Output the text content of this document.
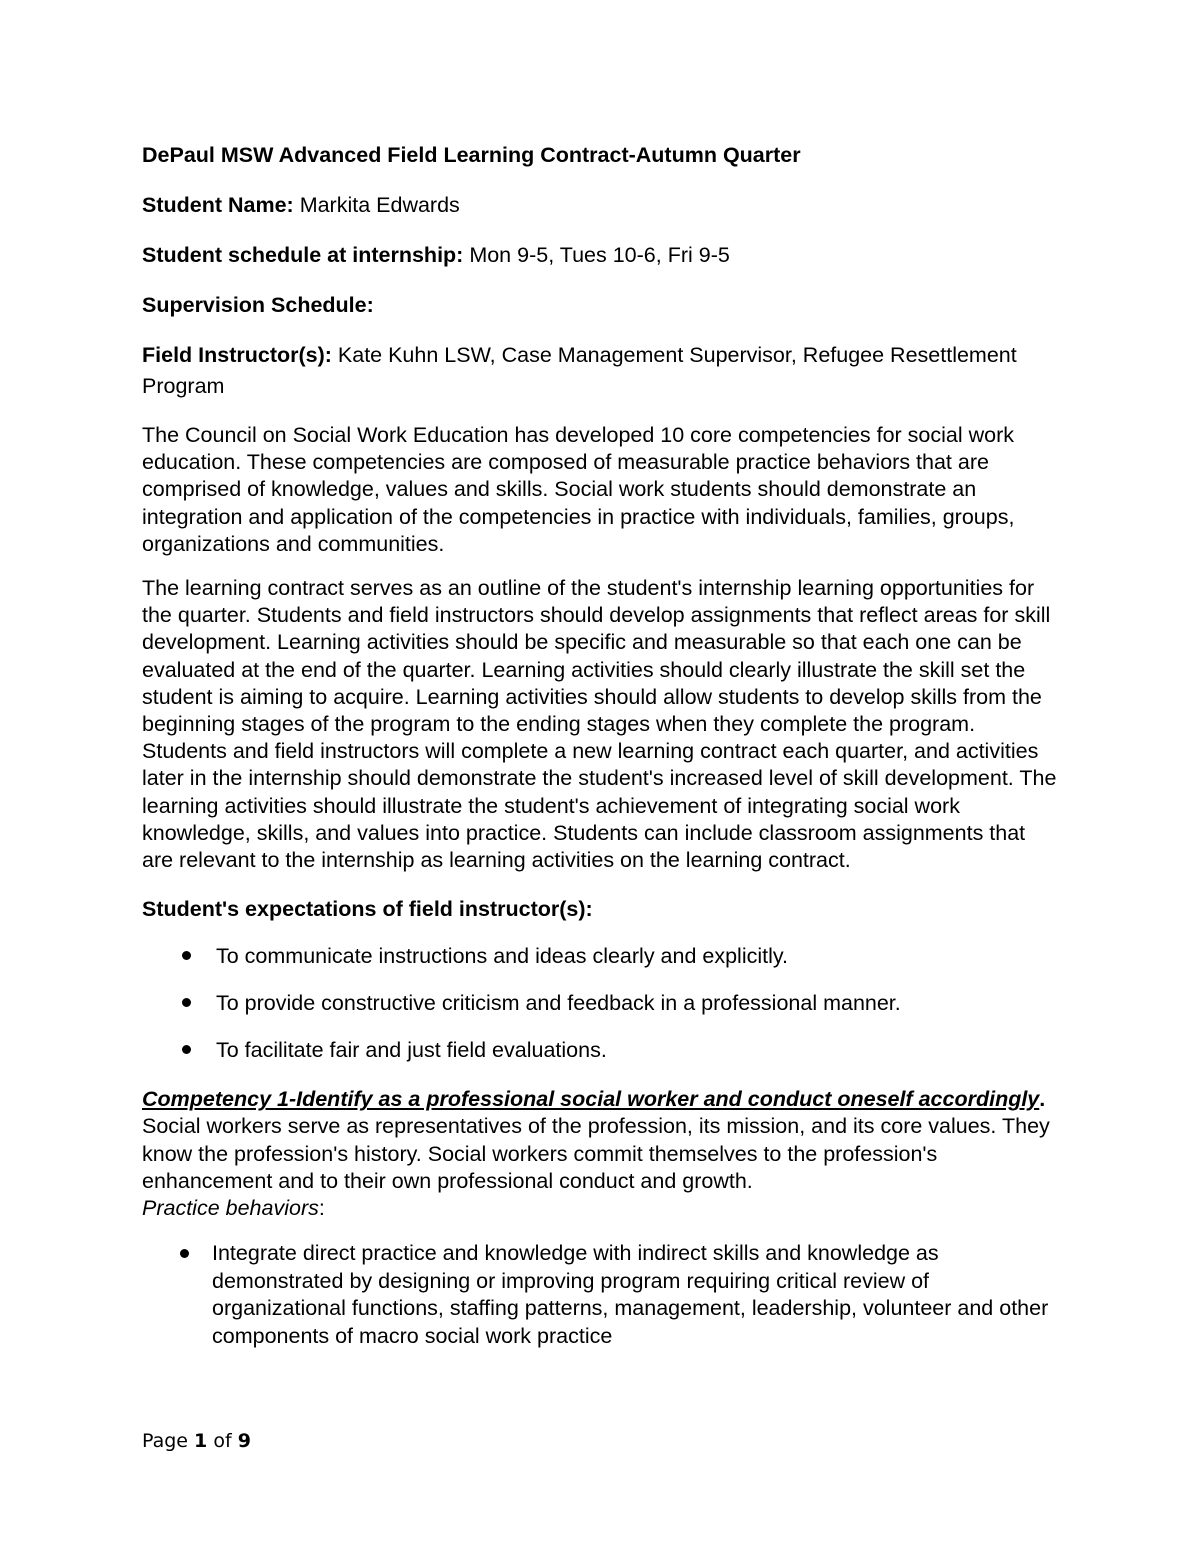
DePaul MSW Advanced Field Learning Contract-Autumn Quarter
Student Name: Markita Edwards
Student schedule at internship: Mon 9-5, Tues 10-6, Fri 9-5
Supervision Schedule:
Field Instructor(s): Kate Kuhn LSW, Case Management Supervisor, Refugee Resettlement Program

The Council on Social Work Education has developed 10 core competencies for social work education. These competencies are composed of measurable practice behaviors that are comprised of knowledge, values and skills. Social work students should demonstrate an integration and application of the competencies in practice with individuals, families, groups, organizations and communities.

The learning contract serves as an outline of the student's internship learning opportunities for the quarter. Students and field instructors should develop assignments that reflect areas for skill development. Learning activities should be specific and measurable so that each one can be evaluated at the end of the quarter. Learning activities should clearly illustrate the skill set the student is aiming to acquire. Learning activities should allow students to develop skills from the beginning stages of the program to the ending stages when they complete the program. Students and field instructors will complete a new learning contract each quarter, and activities later in the internship should demonstrate the student's increased level of skill development. The learning activities should illustrate the student's achievement of integrating social work knowledge, skills, and values into practice. Students can include classroom assignments that are relevant to the internship as learning activities on the learning contract.

Student's expectations of field instructor(s):
To communicate instructions and ideas clearly and explicitly.
To provide constructive criticism and feedback in a professional manner.
To facilitate fair and just field evaluations.
Competency 1-Identify as a professional social worker and conduct oneself accordingly. Social workers serve as representatives of the profession, its mission, and its core values. They know the profession's history. Social workers commit themselves to the profession's enhancement and to their own professional conduct and growth.
Practice behaviors:
Integrate direct practice and knowledge with indirect skills and knowledge as demonstrated by designing or improving program requiring critical review of organizational functions, staffing patterns, management, leadership, volunteer and other components of macro social work practice
Page 1 of 9
